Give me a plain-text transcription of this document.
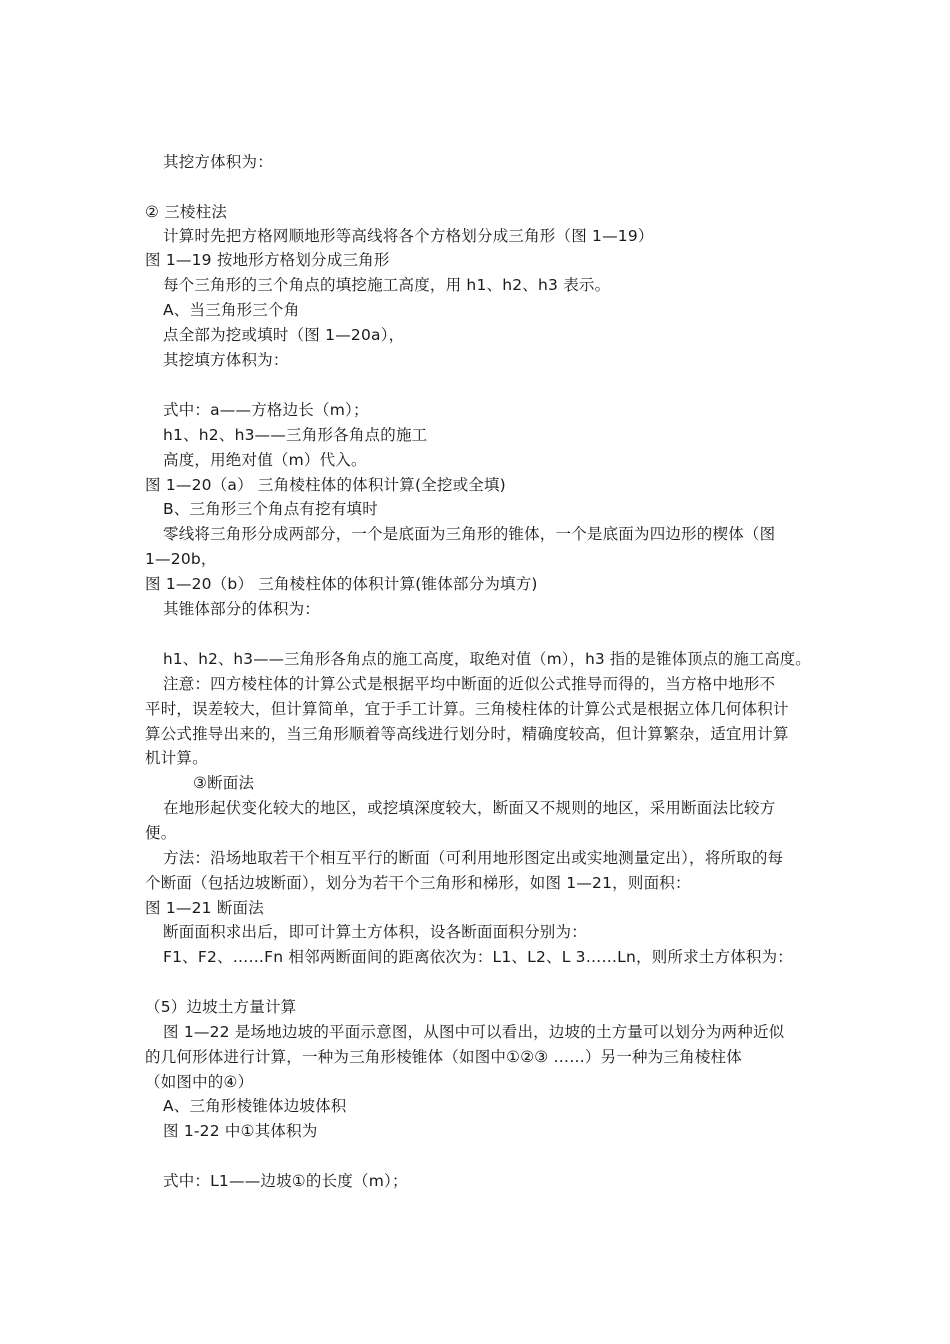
其挖方体积为：
② 三棱柱法
计算时先把方格网顺地形等高线将各个方格划分成三角形（图 1—19）
图 1—19 按地形方格划分成三角形
每个三角形的三个角点的填挖施工高度，用 h1、h2、h3 表示。
A、当三角形三个角
点全部为挖或填时（图 1—20a），
其挖填方体积为：
式中：a——方格边长（m）；
h1、h2、h3——三角形各角点的施工
高度，用绝对值（m）代入。
图 1—20（a） 三角棱柱体的体积计算(全挖或全填)
B、三角形三个角点有挖有填时
零线将三角形分成两部分，一个是底面为三角形的锥体，一个是底面为四边形的楔体（图
1—20b，
图 1—20（b） 三角棱柱体的体积计算(锥体部分为填方)
其锥体部分的体积为：
h1、h2、h3——三角形各角点的施工高度，取绝对值（m），h3 指的是锥体顶点的施工高度。
注意：四方棱柱体的计算公式是根据平均中断面的近似公式推导而得的，当方格中地形不
平时，误差较大，但计算简单，宜于手工计算。三角棱柱体的计算公式是根据立体几何体积计
算公式推导出来的，当三角形顺着等高线进行划分时，精确度较高，但计算繁杂，适宜用计算
机计算。
③断面法
在地形起伏变化较大的地区，或挖填深度较大，断面又不规则的地区，采用断面法比较方
便。
方法：沿场地取若干个相互平行的断面（可利用地形图定出或实地测量定出），将所取的每
个断面（包括边坡断面），划分为若干个三角形和梯形，如图 1—21，则面积：
图 1—21 断面法
断面面积求出后，即可计算土方体积，设各断面面积分别为：
F1、F2、……Fn 相邻两断面间的距离依次为：L1、L2、L 3……Ln，则所求土方体积为：
（5）边坡土方量计算
图 1—22 是场地边坡的平面示意图，从图中可以看出，边坡的土方量可以划分为两种近似
的几何形体进行计算，一种为三角形棱锥体（如图中①②③ ……）另一种为三角棱柱体
（如图中的④）
A、三角形棱锥体边坡体积
图 1-22 中①其体积为
式中：L1——边坡①的长度（m）；
